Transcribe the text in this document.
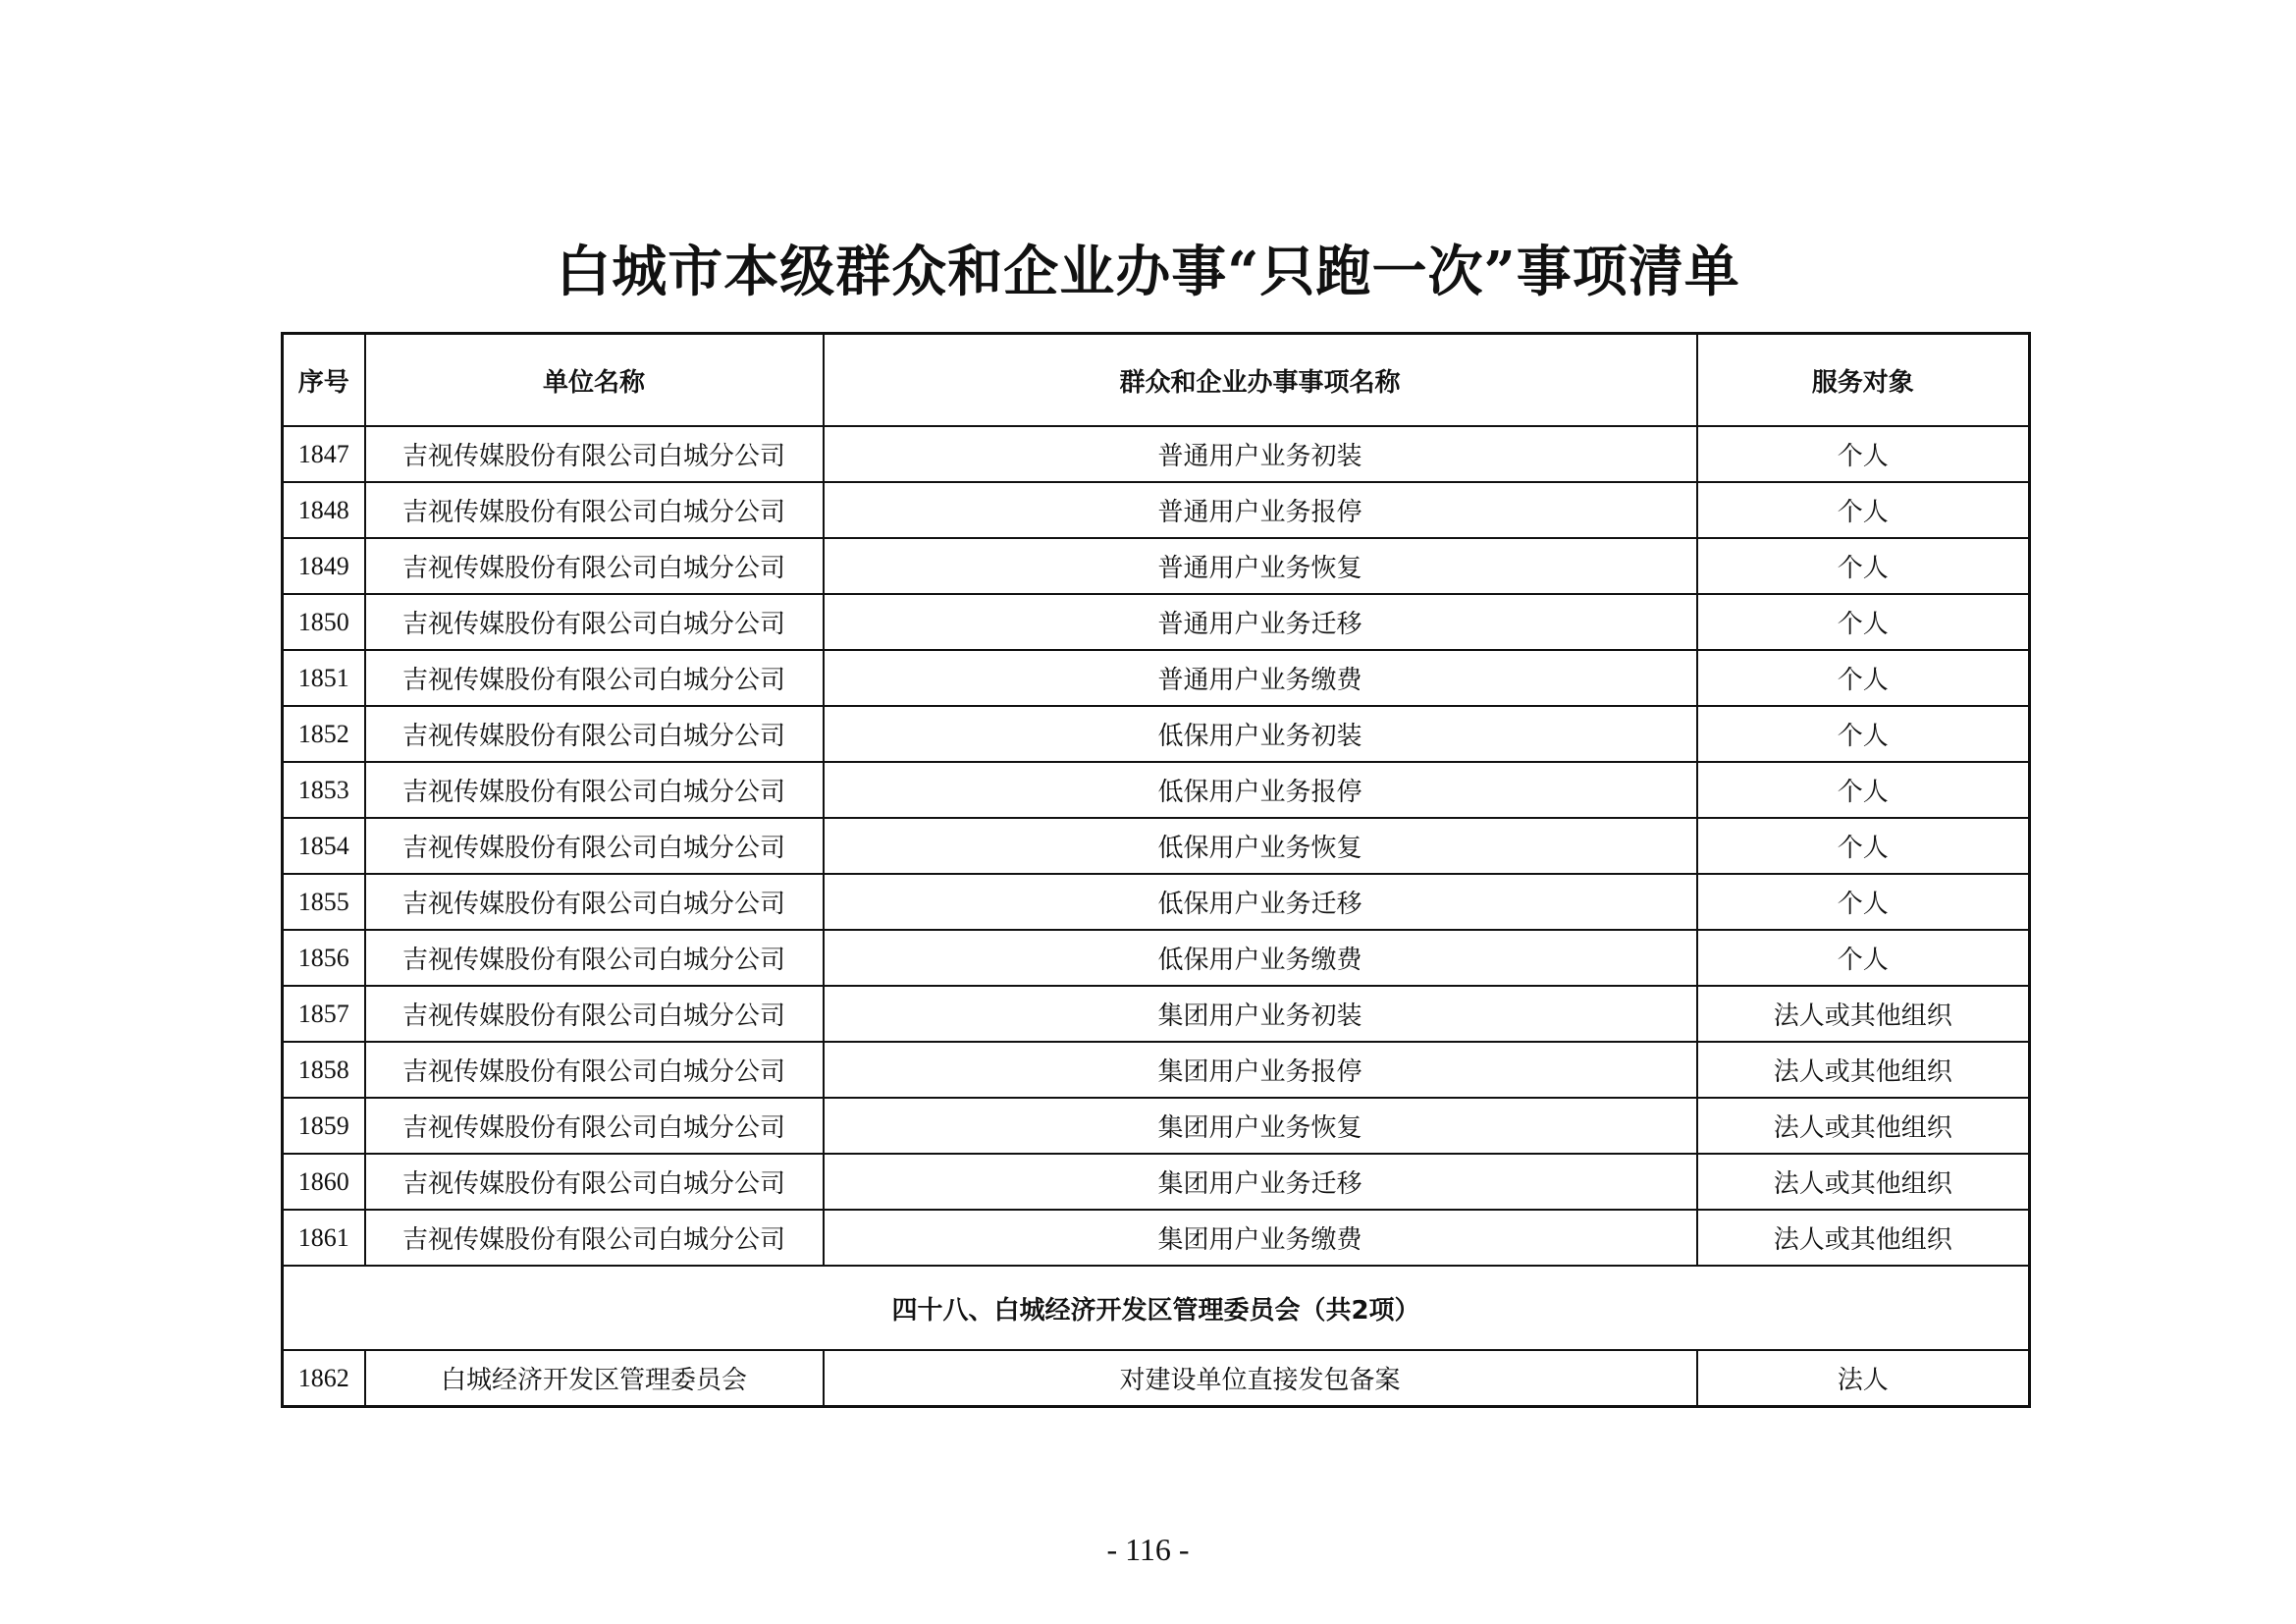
白城市本级群众和企业办事“只跑一次”事项清单
序号	单位名称	群众和企业办事事项名称	服务对象
1847	吉视传媒股份有限公司白城分公司	普通用户业务初装	个人
1848	吉视传媒股份有限公司白城分公司	普通用户业务报停	个人
1849	吉视传媒股份有限公司白城分公司	普通用户业务恢复	个人
1850	吉视传媒股份有限公司白城分公司	普通用户业务迁移	个人
1851	吉视传媒股份有限公司白城分公司	普通用户业务缴费	个人
1852	吉视传媒股份有限公司白城分公司	低保用户业务初装	个人
1853	吉视传媒股份有限公司白城分公司	低保用户业务报停	个人
1854	吉视传媒股份有限公司白城分公司	低保用户业务恢复	个人
1855	吉视传媒股份有限公司白城分公司	低保用户业务迁移	个人
1856	吉视传媒股份有限公司白城分公司	低保用户业务缴费	个人
1857	吉视传媒股份有限公司白城分公司	集团用户业务初装	法人或其他组织
1858	吉视传媒股份有限公司白城分公司	集团用户业务报停	法人或其他组织
1859	吉视传媒股份有限公司白城分公司	集团用户业务恢复	法人或其他组织
1860	吉视传媒股份有限公司白城分公司	集团用户业务迁移	法人或其他组织
1861	吉视传媒股份有限公司白城分公司	集团用户业务缴费	法人或其他组织
四十八、白城经济开发区管理委员会（共2项）			
1862	白城经济开发区管理委员会	对建设单位直接发包备案	法人
- 116 -
